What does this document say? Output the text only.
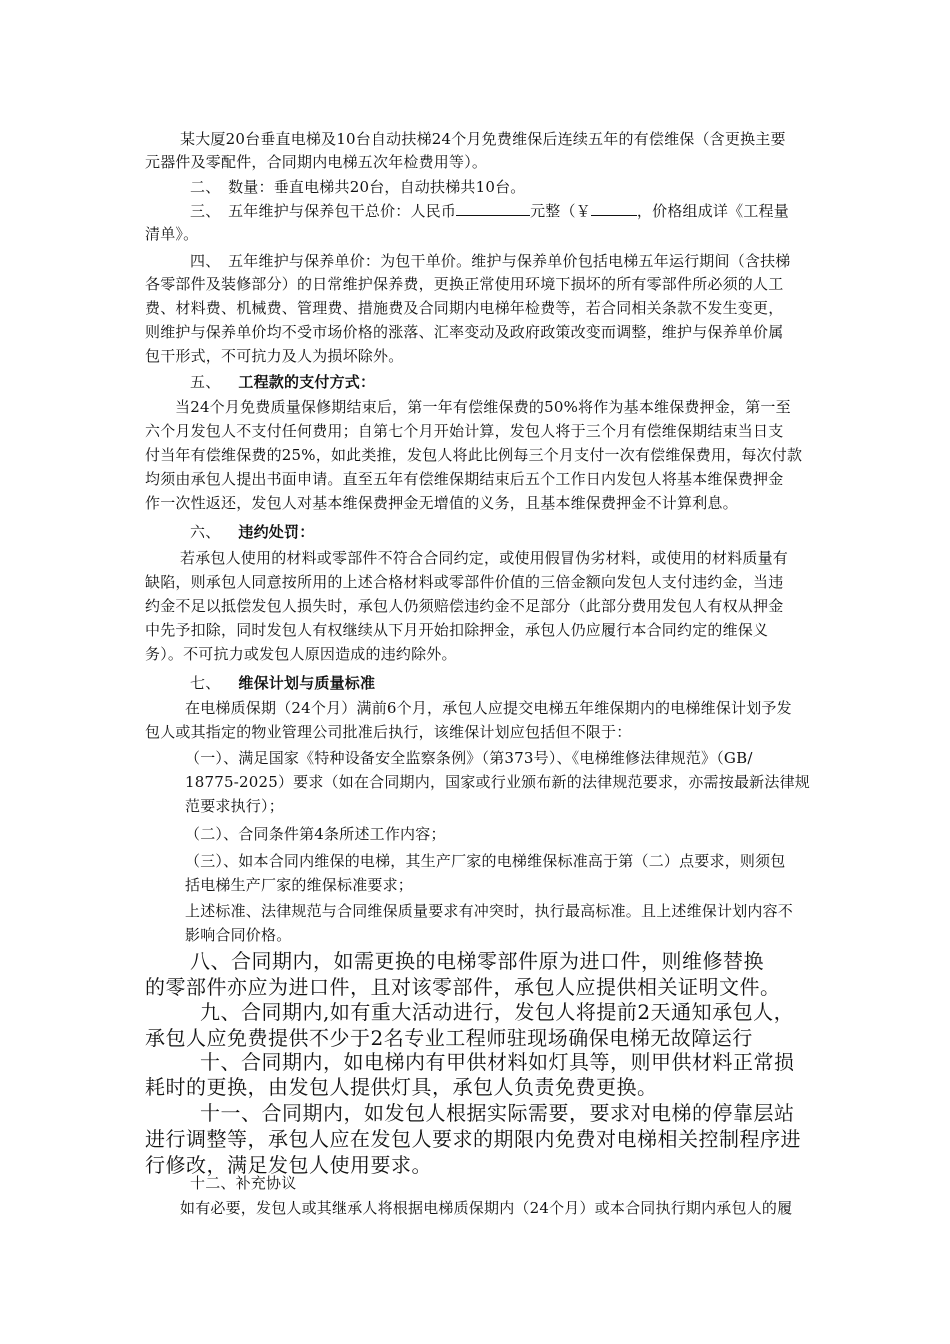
某大厦20台垂直电梯及10台自动扶梯24个月免费维保后连续五年的有偿维保（含更换主要
元器件及零配件，合同期内电梯五次年检费用等）。
二、　数量：垂直电梯共20台，自动扶梯共10台。
三、　五年维护与保养包干总价：人民币	元整（￥	，价格组成详《工程量
清单》。
四、　五年维护与保养单价：为包干单价。维护与保养单价包括电梯五年运行期间（含扶梯
各零部件及装修部分）的日常维护保养费，更换正常使用环境下损坏的所有零部件所必须的人工
费、材料费、机械费、管理费、措施费及合同期内电梯年检费等，若合同相关条款不发生变更，
则维护与保养单价均不受市场价格的涨落、汇率变动及政府政策改变而调整，维护与保养单价属
包干形式，不可抗力及人为损坏除外。
五、 工程款的支付方式：
当24个月免费质量保修期结束后，第一年有偿维保费的50%将作为基本维保费押金，第一至
六个月发包人不支付任何费用；自第七个月开始计算，发包人将于三个月有偿维保期结束当日支
付当年有偿维保费的25%，如此类推，发包人将此比例每三个月支付一次有偿维保费用，每次付款
均须由承包人提出书面申请。直至五年有偿维保期结束后五个工作日内发包人将基本维保费押金
作一次性返还，发包人对基本维保费押金无增值的义务，且基本维保费押金不计算利息。
六、 违约处罚：
若承包人使用的材料或零部件不符合合同约定，或使用假冒伪劣材料，或使用的材料质量有
缺陷，则承包人同意按所用的上述合格材料或零部件价值的三倍金额向发包人支付违约金，当违
约金不足以抵偿发包人损失时，承包人仍须赔偿违约金不足部分（此部分费用发包人有权从押金
中先予扣除，同时发包人有权继续从下月开始扣除押金，承包人仍应履行本合同约定的维保义
务）。不可抗力或发包人原因造成的违约除外。
七、 维保计划与质量标准
在电梯质保期（24个月）满前6个月，承包人应提交电梯五年维保期内的电梯维保计划予发
包人或其指定的物业管理公司批准后执行，该维保计划应包括但不限于：
（一）、满足国家《特种设备安全监察条例》（第373号）、《电梯维修法律规范》（GB/
18775-2025）要求（如在合同期内，国家或行业颁布新的法律规范要求，亦需按最新法律规
范要求执行）；
（二）、合同条件第4条所述工作内容；
（三）、如本合同内维保的电梯，其生产厂家的电梯维保标准高于第（二）点要求，则须包
括电梯生产厂家的维保标准要求；
上述标准、法律规范与合同维保质量要求有冲突时，执行最高标准。且上述维保计划内容不
影响合同价格。
八、合同期内，如需更换的电梯零部件原为进口件，则维修替换
的零部件亦应为进口件，且对该零部件，承包人应提供相关证明文件。
九、合同期内,如有重大活动进行，发包人将提前2天通知承包人，
承包人应免费提供不少于2名专业工程师驻现场确保电梯无故障运行
十、合同期内，如电梯内有甲供材料如灯具等，则甲供材料正常损
耗时的更换，由发包人提供灯具，承包人负责免费更换。
十一、合同期内，如发包人根据实际需要，要求对电梯的停靠层站
进行调整等，承包人应在发包人要求的期限内免费对电梯相关控制程序进
行修改，满足发包人使用要求。
十二、补充协议
如有必要，发包人或其继承人将根据电梯质保期内（24个月）或本合同执行期内承包人的履
